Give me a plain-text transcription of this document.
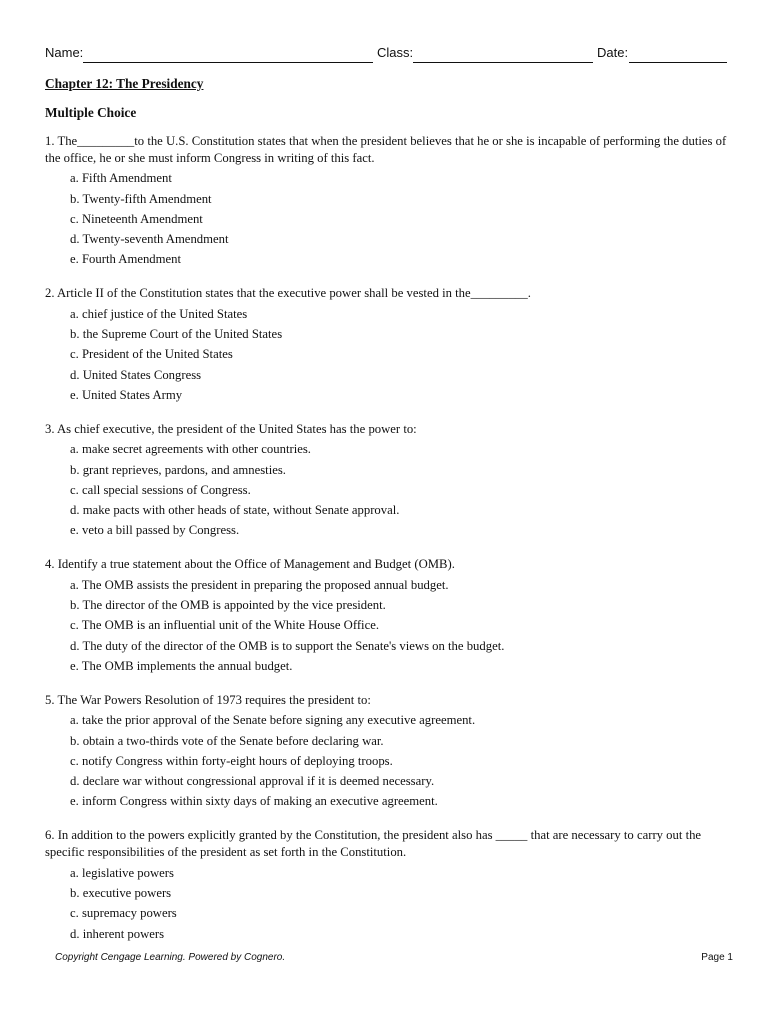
Name:	Class:	Date:
Chapter 12: The Presidency
Multiple Choice

1. The_________to the U.S. Constitution states that when the president believes that he or she is incapable of performing the duties of the office, he or she must inform Congress in writing of this fact.

a. Fifth Amendment
b. Twenty-fifth Amendment
c. Nineteenth Amendment
d. Twenty-seventh Amendment
e. Fourth Amendment

2. Article II of the Constitution states that the executive power shall be vested in the_________.

a. chief justice of the United States
b. the Supreme Court of the United States
c. President of the United States
d. United States Congress
e. United States Army

3. As chief executive, the president of the United States has the power to:

a. make secret agreements with other countries.
b. grant reprieves, pardons, and amnesties.
c. call special sessions of Congress.
d. make pacts with other heads of state, without Senate approval.
e. veto a bill passed by Congress.

4. Identify a true statement about the Office of Management and Budget (OMB).

a. The OMB assists the president in preparing the proposed annual budget.
b. The director of the OMB is appointed by the vice president.
c. The OMB is an influential unit of the White House Office.
d. The duty of the director of the OMB is to support the Senate's views on the budget.
e. The OMB implements the annual budget.

5. The War Powers Resolution of 1973 requires the president to:

a. take the prior approval of the Senate before signing any executive agreement.
b. obtain a two-thirds vote of the Senate before declaring war.
c. notify Congress within forty-eight hours of deploying troops.
d. declare war without congressional approval if it is deemed necessary.
e. inform Congress within sixty days of making an executive agreement.

6. In addition to the powers explicitly granted by the Constitution, the president also has _____ that are necessary to carry out the specific responsibilities of the president as set forth in the Constitution.

a. legislative powers
b. executive powers
c. supremacy powers
d. inherent powers
Copyright Cengage Learning. Powered by Cognero.	Page 1
